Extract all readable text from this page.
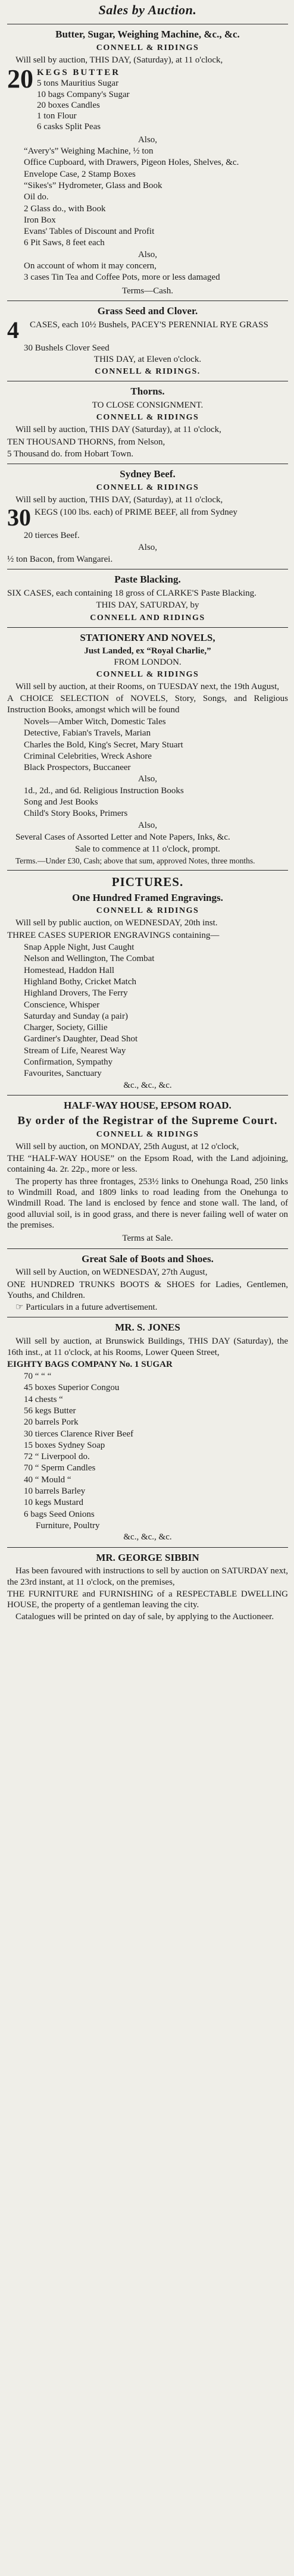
Sales by Auction.
Butter, Sugar, Weighing Machine, &c., &c.
CONNELL & RIDINGS
Will sell by auction, THIS DAY, (Saturday), at 11 o'clock,
20 KEGS BUTTER
5 tons Mauritius Sugar
10 bags Company's Sugar
20 boxes Candles
1 ton Flour
6 casks Split Peas
Also,
“Avery's” Weighing Machine, ½ ton
Office Cupboard, with Drawers, Pigeon Holes, Shelves, &c.
Envelope Case, 2 Stamp Boxes
“Sikes's” Hydrometer, Glass and Book
Oil do.
2 Glass do., with Book
Iron Box
Evans' Tables of Discount and Profit
6 Pit Saws, 8 feet each
Also,
On account of whom it may concern,
3 cases Tin Tea and Coffee Pots, more or less damaged
Terms—Cash.
Grass Seed and Clover.
4	CASES, each 10½ Bushels, PACEY'S PERENNIAL RYE GRASS
30 Bushels Clover Seed
THIS DAY, at Eleven o'clock.
CONNELL & RIDINGS.
Thorns.
TO CLOSE CONSIGNMENT.
CONNELL & RIDINGS
Will sell by auction, THIS DAY (Saturday), at 11 o'clock,
TEN THOUSAND THORNS, from Nelson,
5 Thousand do. from Hobart Town.
Sydney Beef.
CONNELL & RIDINGS
Will sell by auction, THIS DAY, (Saturday), at 11 o'clock,
30 KEGS (100 lbs. each) of PRIME BEEF, all from Sydney
20 tierces Beef.
Also,
½ ton Bacon, from Wangarei.
Paste Blacking.
SIX CASES, each containing 18 gross of CLARKE'S Paste Blacking.
THIS DAY, SATURDAY, by
CONNELL AND RIDINGS
STATIONERY AND NOVELS,
Just Landed, ex “Royal Charlie,”
FROM LONDON.
CONNELL & RIDINGS
Will sell by auction, at their Rooms, on TUESDAY next, the 19th August,
A CHOICE SELECTION of NOVELS, Story, Songs, and Religious Instruction Books, amongst which will be found
Novels—Amber Witch, Domestic Tales
Detective, Fabian's Travels, Marian
Charles the Bold, King's Secret, Mary Stuart
Criminal Celebrities, Wreck Ashore
Black Prospectors, Buccaneer
Also,
1d., 2d., and 6d. Religious Instruction Books
Song and Jest Books
Child's Story Books, Primers
Also,
Several Cases of Assorted Letter and Note Papers, Inks, &c.
Sale to commence at 11 o'clock, prompt.
Terms.—Under £30, Cash; above that sum, approved Notes, three months.
PICTURES.
One Hundred Framed Engravings.
CONNELL & RIDINGS
Will sell by public auction, on WEDNESDAY, 20th inst.
THREE CASES SUPERIOR ENGRAVINGS containing—
Snap Apple Night, Just Caught
Nelson and Wellington, The Combat
Homestead, Haddon Hall
Highland Bothy, Cricket Match
Highland Drovers, The Ferry
Conscience, Whisper
Saturday and Sunday (a pair)
Charger, Society, Gillie
Gardiner's Daughter, Dead Shot
Stream of Life, Nearest Way
Confirmation, Sympathy
Favourites, Sanctuary
&c., &c., &c.
HALF-WAY HOUSE, EPSOM ROAD.
By order of the Registrar of the Supreme Court.
CONNELL & RIDINGS
Will sell by auction, on MONDAY, 25th August, at 12 o'clock,
THE “HALF-WAY HOUSE” on the Epsom Road, with the Land adjoining, containing 4a. 2r. 22p., more or less.
The property has three frontages, 253½ links to Onehunga Road, 250 links to Windmill Road, and 1809 links to road leading from the Onehunga to Windmill Road. The land is enclosed by fence and stone wall. The land, of good alluvial soil, is in good grass, and there is never failing well of water on the premises.
Terms at Sale.
Great Sale of Boots and Shoes.
Will sell by Auction, on WEDNESDAY, 27th August,
ONE HUNDRED TRUNKS BOOTS & SHOES for Ladies, Gentlemen, Youths, and Children.
☞ Particulars in a future advertisement.
MR. S. JONES
Will sell by auction, at Brunswick Buildings, THIS DAY (Saturday), the 16th inst., at 11 o'clock, at his Rooms, Lower Queen Street,
EIGHTY BAGS COMPANY No. 1 SUGAR
70 “ “ “
45 boxes Superior Congou
14 chests “
56 kegs Butter
20 barrels Pork
30 tierces Clarence River Beef
15 boxes Sydney Soap
72 “ Liverpool do.
70 “ Sperm Candles
40 “ Mould “
10 barrels Barley
10 kegs Mustard
6 bags Seed Onions
Furniture, Poultry
&c., &c., &c.
MR. GEORGE SIBBIN
Has been favoured with instructions to sell by auction on SATURDAY next, the 23rd instant, at 11 o'clock, on the premises,
THE FURNITURE and FURNISHING of a RESPECTABLE DWELLING HOUSE, the property of a gentleman leaving the city.
Catalogues will be printed on day of sale, by applying to the Auctioneer.
